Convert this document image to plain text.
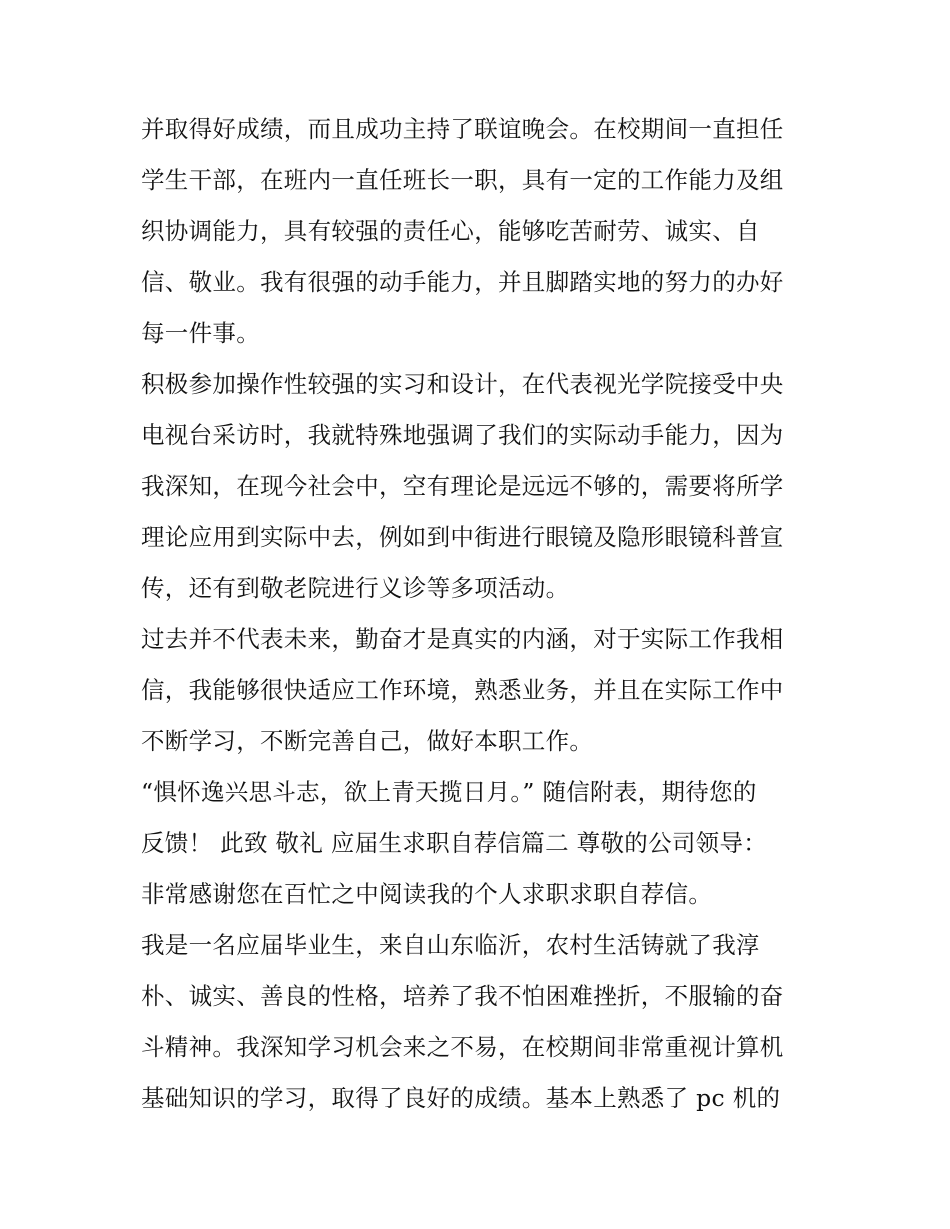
并取得好成绩，而且成功主持了联谊晚会。在校期间一直担任
学生干部，在班内一直任班长一职，具有一定的工作能力及组
织协调能力，具有较强的责任心，能够吃苦耐劳、诚实、自
信、敬业。我有很强的动手能力，并且脚踏实地的努力的办好
每一件事。
积极参加操作性较强的实习和设计，在代表视光学院接受中央
电视台采访时，我就特殊地强调了我们的实际动手能力，因为
我深知，在现今社会中，空有理论是远远不够的，需要将所学
理论应用到实际中去，例如到中街进行眼镜及隐形眼镜科普宣
传，还有到敬老院进行义诊等多项活动。
过去并不代表未来，勤奋才是真实的内涵，对于实际工作我相
信，我能够很快适应工作环境，熟悉业务，并且在实际工作中
不断学习，不断完善自己，做好本职工作。
“惧怀逸兴思斗志，欲上青天揽日月。” 随信附表，期待您的
反馈！ 此致 敬礼 应届生求职自荐信篇二 尊敬的公司领导：
非常感谢您在百忙之中阅读我的个人求职求职自荐信。
我是一名应届毕业生，来自山东临沂，农村生活铸就了我淳
朴、诚实、善良的性格，培养了我不怕困难挫折，不服输的奋
斗精神。我深知学习机会来之不易，在校期间非常重视计算机
基础知识的学习，取得了良好的成绩。基本上熟悉了 pc 机的
